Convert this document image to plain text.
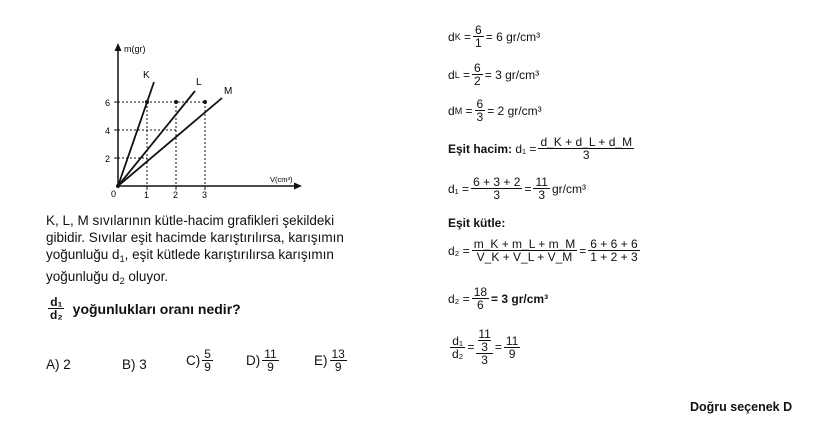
m(gr)
V(cm³)
2
4
6
0	1	2	3
K
L
M
K, L, M sıvılarının kütle-hacim grafikleri şekildeki
gibidir. Sıvılar eşit hacimde karıştırılırsa, karışımın
yoğunluğu $d_1$, eşit kütlede karıştırılırsa karışımın
yoğunluğu $d_2$ oluyor.
$\frac{\text{d₁}}{\text{d₂}}$ yoğunlukları oranı nedir?
A)
2	B)
3	$C) \frac{5}{9} D) \frac{11}{9}$	$E) \frac{13}{9}$
d $K = \frac{6}{1} = 6$ gr/cm³
d $L = \frac{6}{2} = 3$ gr/cm³
d $M = \frac{6}{3} = 2$ gr/cm³
Eşit hacim:
$d_1 = \frac{d\_K + d\_L + d\_M}{3}$
$d_1 = \frac{6 + 3 + 2}{3} = \frac{11}{3} gr/cm^3$
Eşit kütle:
$d_2 = \frac{m\_K + m\_L + m\_M}{V\_K + V\_L + V\_M} = \frac{6 + 6 + 6}{1 + 2 + 3}$
$d_2 = \frac{18}{6} = 3$ gr/cm³
$\frac{\text{d₁}}{\text{d₂}} = 11$
3
$3 = \frac{11}{9}$
Doğru seçenek D
